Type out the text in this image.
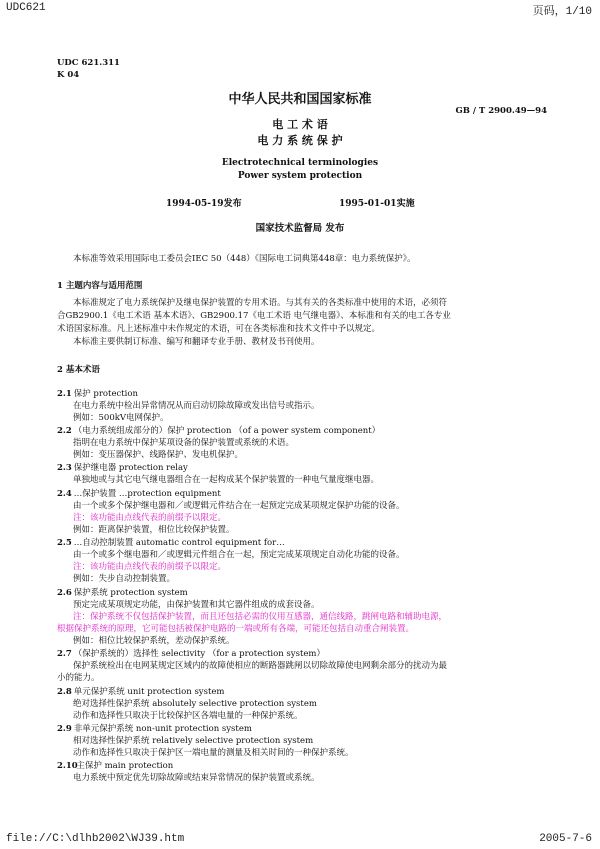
UDC621	页码，1/10
UDC 621.311
K 04
中华人民共和国国家标准
GB / T 2900.49—94
电 工 术 语
电 力 系 统 保 护
Electrotechnical terminologies
Power system protection
1994-05-19发布	1995-01-01实施
国家技术监督局 发布
本标准等效采用国际电工委员会IEC 50（448）《国际电工词典第448章：电力系统保护》。
1 主题内容与适用范围
本标准规定了电力系统保护及继电保护装置的专用术语。与其有关的各类标准中使用的术语，必须符
合GB2900.1《电工术语 基本术语》、GB2900.17《电工术语 电气继电器》、本标准和有关的电工各专业
术语国家标准。凡上述标准中未作规定的术语，可在各类标准和技术文件中予以规定。
本标准主要供制订标准、编写和翻译专业手册、教材及书刊使用。
2 基本术语
2.1 保护 protection
在电力系统中检出异常情况从而启动切除故障或发出信号或指示。
例如：500kV电网保护。
2.2 （电力系统组成部分的）保护 protection （of a power system component）
指明在电力系统中保护某项设备的保护装置或系统的术语。
例如：变压器保护、线路保护、发电机保护。
2.3 保护继电器 protection relay
单独地或与其它电气继电器组合在一起构成某个保护装置的一种电气量度继电器。
2.4 …保护装置 …protection equipment
由一个或多个保护继电器和／或逻辑元件结合在一起预定完成某项规定保护功能的设备。
注：该功能由点线代表的前缀予以限定。
例如：距离保护装置，相位比较保护装置。
2.5 …自动控制装置 automatic control equipment for…
由一个或多个继电器和／或逻辑元件组合在一起，预定完成某项规定自动化功能的设备。
注：该功能由点线代表的前缀予以限定。
例如：失步自动控制装置。
2.6 保护系统 protection system
预定完成某项规定功能，由保护装置和其它器件组成的成套设备。
注：保护系统不仅包括保护装置，而且还包括必需的仪用互感器，通信线路，跳闸电路和辅助电源，
根据保护系统的原理，它可能包括被保护电路的一端或所有各端，可能还包括自动重合闸装置。
例如：相位比较保护系统，差动保护系统。
2.7 （保护系统的）选择性 selectivity （for a protection system）
保护系统检出在电网某规定区域内的故障使相应的断路器跳闸以切除故障使电网剩余部分的扰动为最
小的能力。
2.8 单元保护系统 unit protection system
绝对选择性保护系统 absolutely selective protection system
动作和选择性只取决于比较保护区各端电量的一种保护系统。
2.9 非单元保护系统 non-unit protection system
相对选择性保护系统 relatively selective protection system
动作和选择性只取决于保护区一端电量的测量及相关时间的一种保护系统。
2.10  主保护 main protection
电力系统中预定优先切除故障或结束异常情况的保护装置或系统。
file://C:\dlhb2002\WJ39.htm	2005-7-6
